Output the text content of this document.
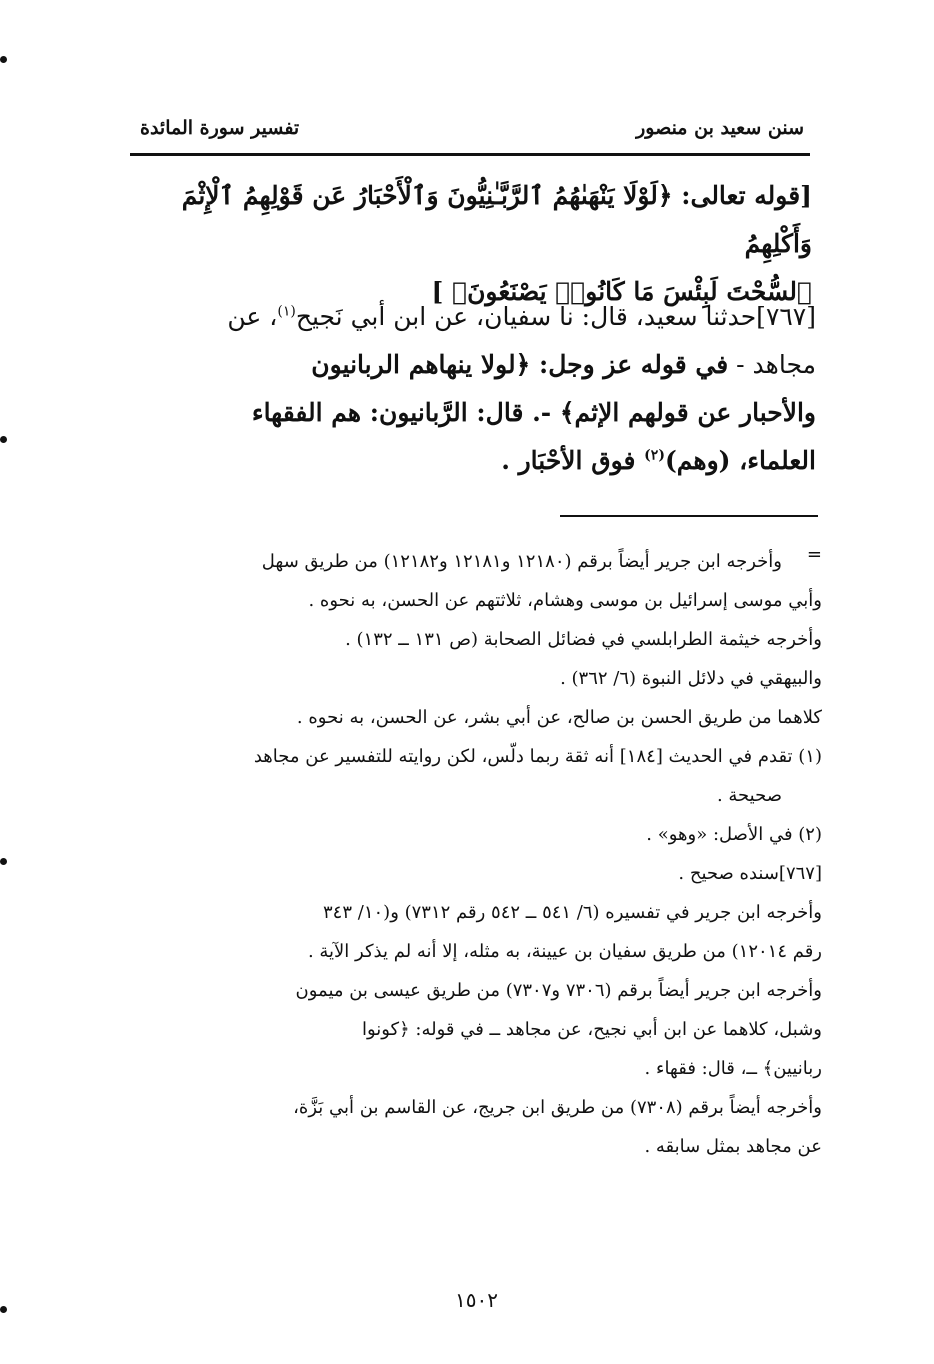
سنن سعيد بن منصور
تفسير سورة المائدة

[قوله تعالى: ﴿لَوْلَا يَنْهَىٰهُمُ ٱلرَّبَّـٰنِيُّونَ وَٱلْأَحْبَارُ عَن قَوْلِهِمُ ٱلْإِثْمَ وَأَكْلِهِمُ

ٱلسُّحْتَ لَبِئْسَ مَا كَانُوا۟ يَصْنَعُونَ﴾ ]

[٧٦٧]حدثنا سعيد، قال: نا سفيان، عن ابن أبي نَجيح$^{(١)}$، عن

مجاهد - في قوله عز وجل: ﴿لولا ينهاهم الربانيون

والأحبار عن قولهم الإثم﴾ -. قال: الرَّبانيون: هم الفقهاء

العلماء، (وهم)$^{(٢)}$ فوق الأحْبَار .

=

وأخرجه ابن جرير أيضاً برقم (١٢١٨٠ و١٢١٨١ و١٢١٨٢) من طريق سهل

وأبي موسى إسرائيل بن موسى وهشام، ثلاثتهم عن الحسن، به نحوه .

وأخرجه خيثمة الطرابلسي في فضائل الصحابة (ص ١٣١ ــ ١٣٢) .

والبيهقي في دلائل النبوة (٦/ ٣٦٢) .

كلاهما من طريق الحسن بن صالح، عن أبي بشر، عن الحسن، به نحوه .

(١) تقدم في الحديث [١٨٤] أنه ثقة ربما دلّس، لكن روايته للتفسير عن مجاهد

صحيحة .

(٢) في الأصل: «وهو» .

[٧٦٧]سنده صحيح .

وأخرجه ابن جرير في تفسيره (٦/ ٥٤١ ــ ٥٤٢ رقم ٧٣١٢) و(١٠/ ٣٤٣

رقم ١٢٠١٤) من طريق سفيان بن عيينة، به مثله، إلا أنه لم يذكر الآية .

وأخرجه ابن جرير أيضاً برقم (٧٣٠٦ و٧٣٠٧) من طريق عيسى بن ميمون

وشبل، كلاهما عن ابن أبي نجيح، عن مجاهد ــ في قوله: ﴿كونوا

ربانيين﴾ ــ، قال: فقهاء .

وأخرجه أيضاً برقم (٧٣٠٨) من طريق ابن جريج، عن القاسم بن أبي بَزَّة،

عن مجاهد بمثل سابقه .

١٥٠٢
